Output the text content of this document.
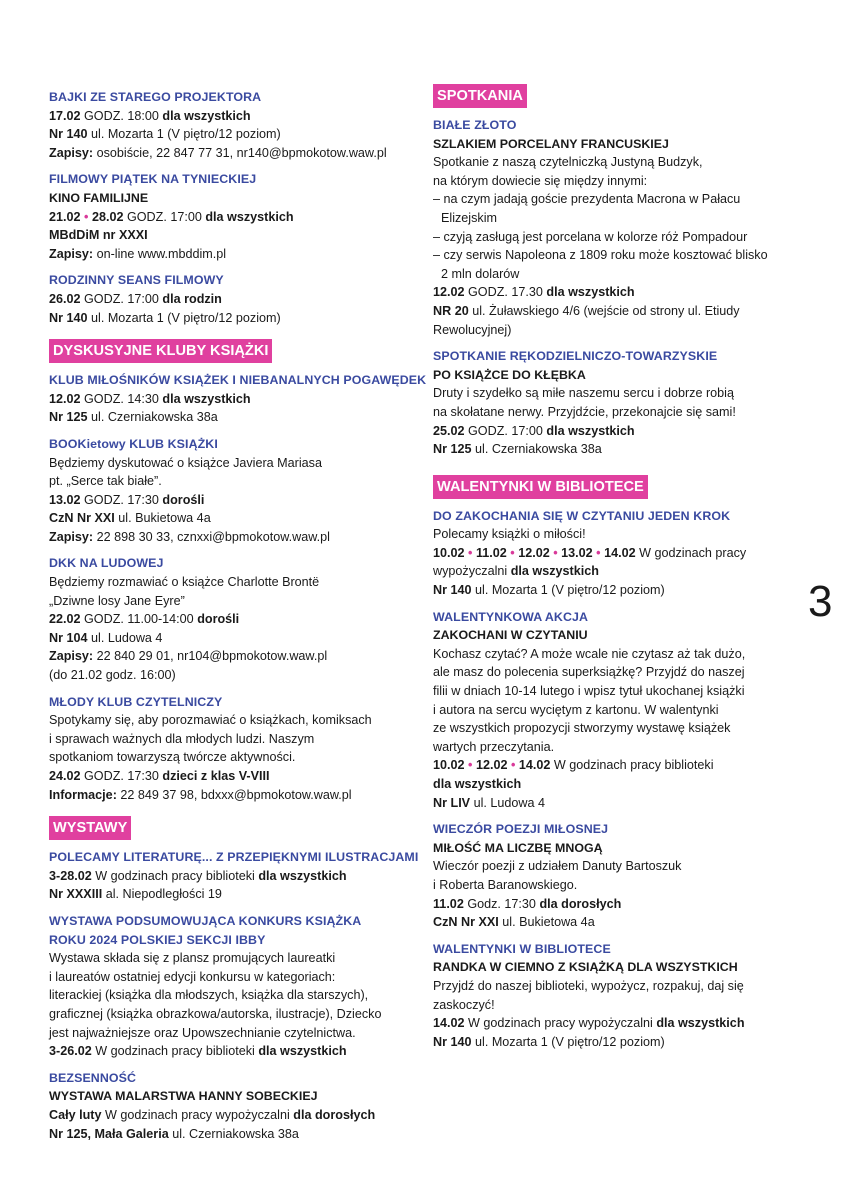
BAJKI ZE STAREGO PROJEKTORA
17.02 GODZ. 18:00 dla wszystkich
Nr 140 ul. Mozarta 1 (V piętro/12 poziom)
Zapisy: osobiście, 22 847 77 31, nr140@bpmokotow.waw.pl
FILMOWY PIĄTEK NA TYNIECKIEJ
KINO FAMILIJNE
21.02 • 28.02 GODZ. 17:00 dla wszystkich
MBdDiM nr XXXI
Zapisy: on-line www.mbddim.pl
RODZINNY SEANS FILMOWY
26.02 GODZ. 17:00 dla rodzin
Nr 140 ul. Mozarta 1 (V piętro/12 poziom)
DYSKUSYJNE KLUBY KSIĄŻKI
KLUB MIŁOŚNIKÓW KSIĄŻEK I NIEBANALNYCH POGAWĘDEK
12.02 GODZ. 14:30 dla wszystkich
Nr 125 ul. Czerniakowska 38a
BOOKietowy KLUB KSIĄŻKI
Będziemy dyskutować o książce Javiera Mariasa
pt. „Serce tak białe”.
13.02 GODZ. 17:30 dorośli
CzN Nr XXI ul. Bukietowa 4a
Zapisy: 22 898 30 33, cznxxi@bpmokotow.waw.pl
DKK NA LUDOWEJ
Będziemy rozmawiać o książce Charlotte Brontë
„Dziwne losy Jane Eyre”
22.02 GODZ. 11.00-14:00 dorośli
Nr 104 ul. Ludowa 4
Zapisy: 22 840 29 01, nr104@bpmokotow.waw.pl
(do 21.02 godz. 16:00)
MŁODY KLUB CZYTELNICZY
Spotykamy się, aby porozmawiać o książkach, komiksach
i sprawach ważnych dla młodych ludzi. Naszym
spotkaniom towarzyszą twórcze aktywności.
24.02 GODZ. 17:30 dzieci z klas V-VIII
Informacje: 22 849 37 98, bdxxx@bpmokotow.waw.pl
WYSTAWY
POLECAMY LITERATURĘ... Z PRZEPIĘKNYMI ILUSTRACJAMI
3-28.02 W godzinach pracy biblioteki dla wszystkich
Nr XXXIII al. Niepodległości 19
WYSTAWA PODSUMOWUJĄCA KONKURS KSIĄŻKA
ROKU 2024 POLSKIEJ SEKCJI IBBY
Wystawa składa się z plansz promujących laureatki
i laureatów ostatniej edycji konkursu w kategoriach:
literackiej (książka dla młodszych, książka dla starszych),
graficznej (książka obrazkowa/autorska, ilustracje), Dziecko
jest najważniejsze oraz Upowszechnianie czytelnictwa.
3-26.02 W godzinach pracy biblioteki dla wszystkich
BEZSENNOŚĆ
WYSTAWA MALARSTWA HANNY SOBECKIEJ
Cały luty W godzinach pracy wypożyczalni dla dorosłych
Nr 125, Mała Galeria ul. Czerniakowska 38a
SPOTKANIA
BIAŁE ZŁOTO
SZLAKIEM PORCELANY FRANCUSKIEJ
Spotkanie z naszą czytelniczką Justyną Budzyk,
na którym dowiecie się między innymi:
– na czym jadają goście prezydenta Macrona w Pałacu
Elizejskim
– czyją zasługą jest porcelana w kolorze róż Pompadour
– czy serwis Napoleona z 1809 roku może kosztować blisko
2 mln dolarów
12.02 GODZ. 17.30 dla wszystkich
NR 20 ul. Żuławskiego 4/6 (wejście od strony ul. Etiudy
Rewolucyjnej)
SPOTKANIE RĘKODZIELNICZO-TOWARZYSKIE
PO KSIĄŻCE DO KŁĘBKA
Druty i szydełko są miłe naszemu sercu i dobrze robią
na skołatane nerwy. Przyjdźcie, przekonajcie się sami!
25.02 GODZ. 17:00 dla wszystkich
Nr 125 ul. Czerniakowska 38a
WALENTYNKI W BIBLIOTECE
DO ZAKOCHANIA SIĘ W CZYTANIU JEDEN KROK
Polecamy książki o miłości!
10.02 • 11.02 • 12.02 • 13.02 • 14.02 W godzinach pracy
wypożyczalni dla wszystkich
Nr 140 ul. Mozarta 1 (V piętro/12 poziom)
WALENTYNKOWA AKCJA
ZAKOCHANI W CZYTANIU
Kochasz czytać? A może wcale nie czytasz aż tak dużo,
ale masz do polecenia superksiążkę? Przyjdź do naszej
filii w dniach 10-14 lutego i wpisz tytuł ukochanej książki
i autora na sercu wyciętym z kartonu. W walentynki
ze wszystkich propozycji stworzymy wystawę książek
wartych przeczytania.
10.02 • 12.02 • 14.02 W godzinach pracy biblioteki
dla wszystkich
Nr LIV ul. Ludowa 4
WIECZÓR POEZJI MIŁOSNEJ
MIŁOŚĆ MA LICZBĘ MNOGĄ
Wieczór poezji z udziałem Danuty Bartoszuk
i Roberta Baranowskiego.
11.02 Godz. 17:30 dla dorosłych
CzN Nr XXI ul. Bukietowa 4a
WALENTYNKI W BIBLIOTECE
RANDKA W CIEMNO Z KSIĄŻKĄ DLA WSZYSTKICH
Przyjdź do naszej biblioteki, wypożycz, rozpakuj, daj się
zaskoczyć!
14.02 W godzinach pracy wypożyczalni dla wszystkich
Nr 140 ul. Mozarta 1 (V piętro/12 poziom)
3
